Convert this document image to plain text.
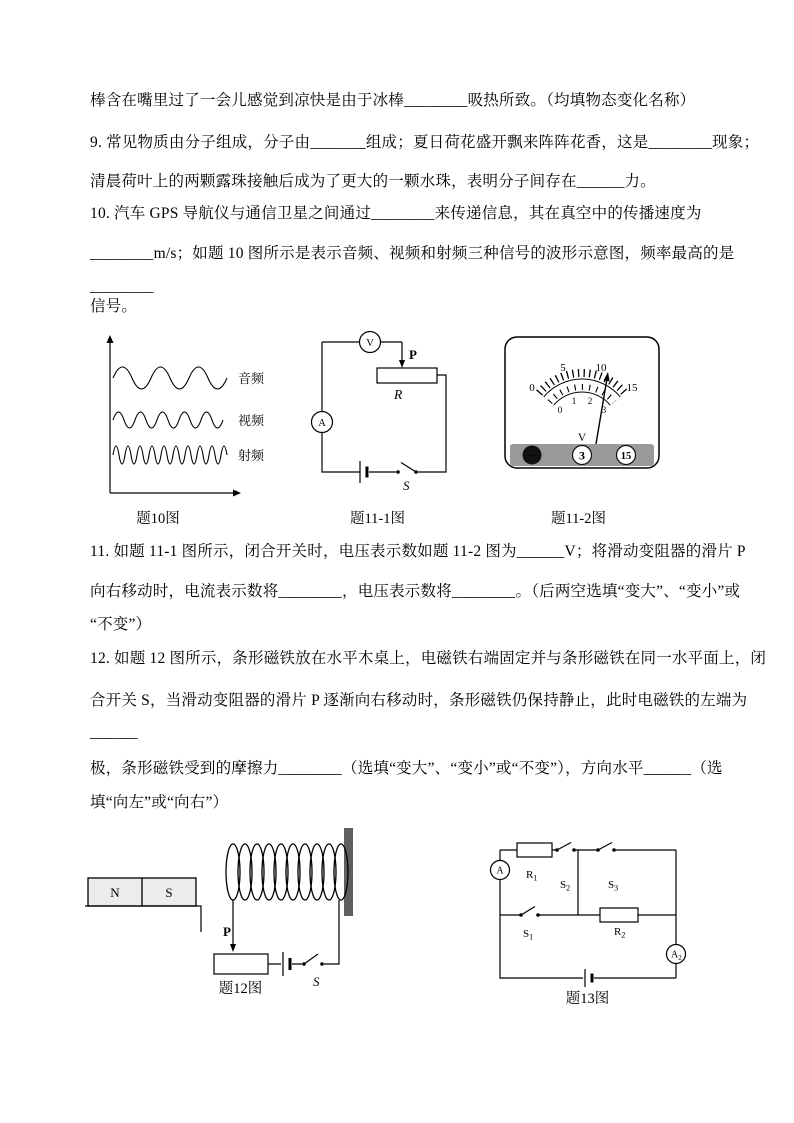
棒含在嘴里过了一会儿感觉到凉快是由于冰棒________吸热所致。（均填物态变化名称）
9. 常见物质由分子组成，分子由_______组成；夏日荷花盛开飘来阵阵花香，这是________现象；
清晨荷叶上的两颗露珠接触后成为了更大的一颗水珠，表明分子间存在______力。
10. 汽车 GPS 导航仪与通信卫星之间通过________来传递信息，其在真空中的传播速度为
________m/s；如题 10 图所示是表示音频、视频和射频三种信号的波形示意图，频率最高的是
________
信号。
11. 如题 11-1 图所示，闭合开关时，电压表示数如题 11-2 图为______V；将滑动变阻器的滑片 P
向右移动时，电流表示数将________，电压表示数将________。（后两空选填“变大”、“变小”或
“不变”）
12. 如题 12 图所示，条形磁铁放在水平木桌上，电磁铁右端固定并与条形磁铁在同一水平面上，闭
合开关 S，当滑动变阻器的滑片 P 逐渐向右移动时，条形磁铁仍保持静止，此时电磁铁的左端为
______
极，条形磁铁受到的摩擦力________（选填“变大”、“变小”或“不变”），方向水平______（选
填“向左”或“向右”）
音频
视频
射频
题10图
V
A
P
R
S
题11-1图
0
5	10
15
0
1 2
3
V
−	3	15
题11-2图
P
S
N	S
题12图
A
$A_2$
$R_1$
$S_2$	$S_3$
$S_1$	$R_2$
题13图
